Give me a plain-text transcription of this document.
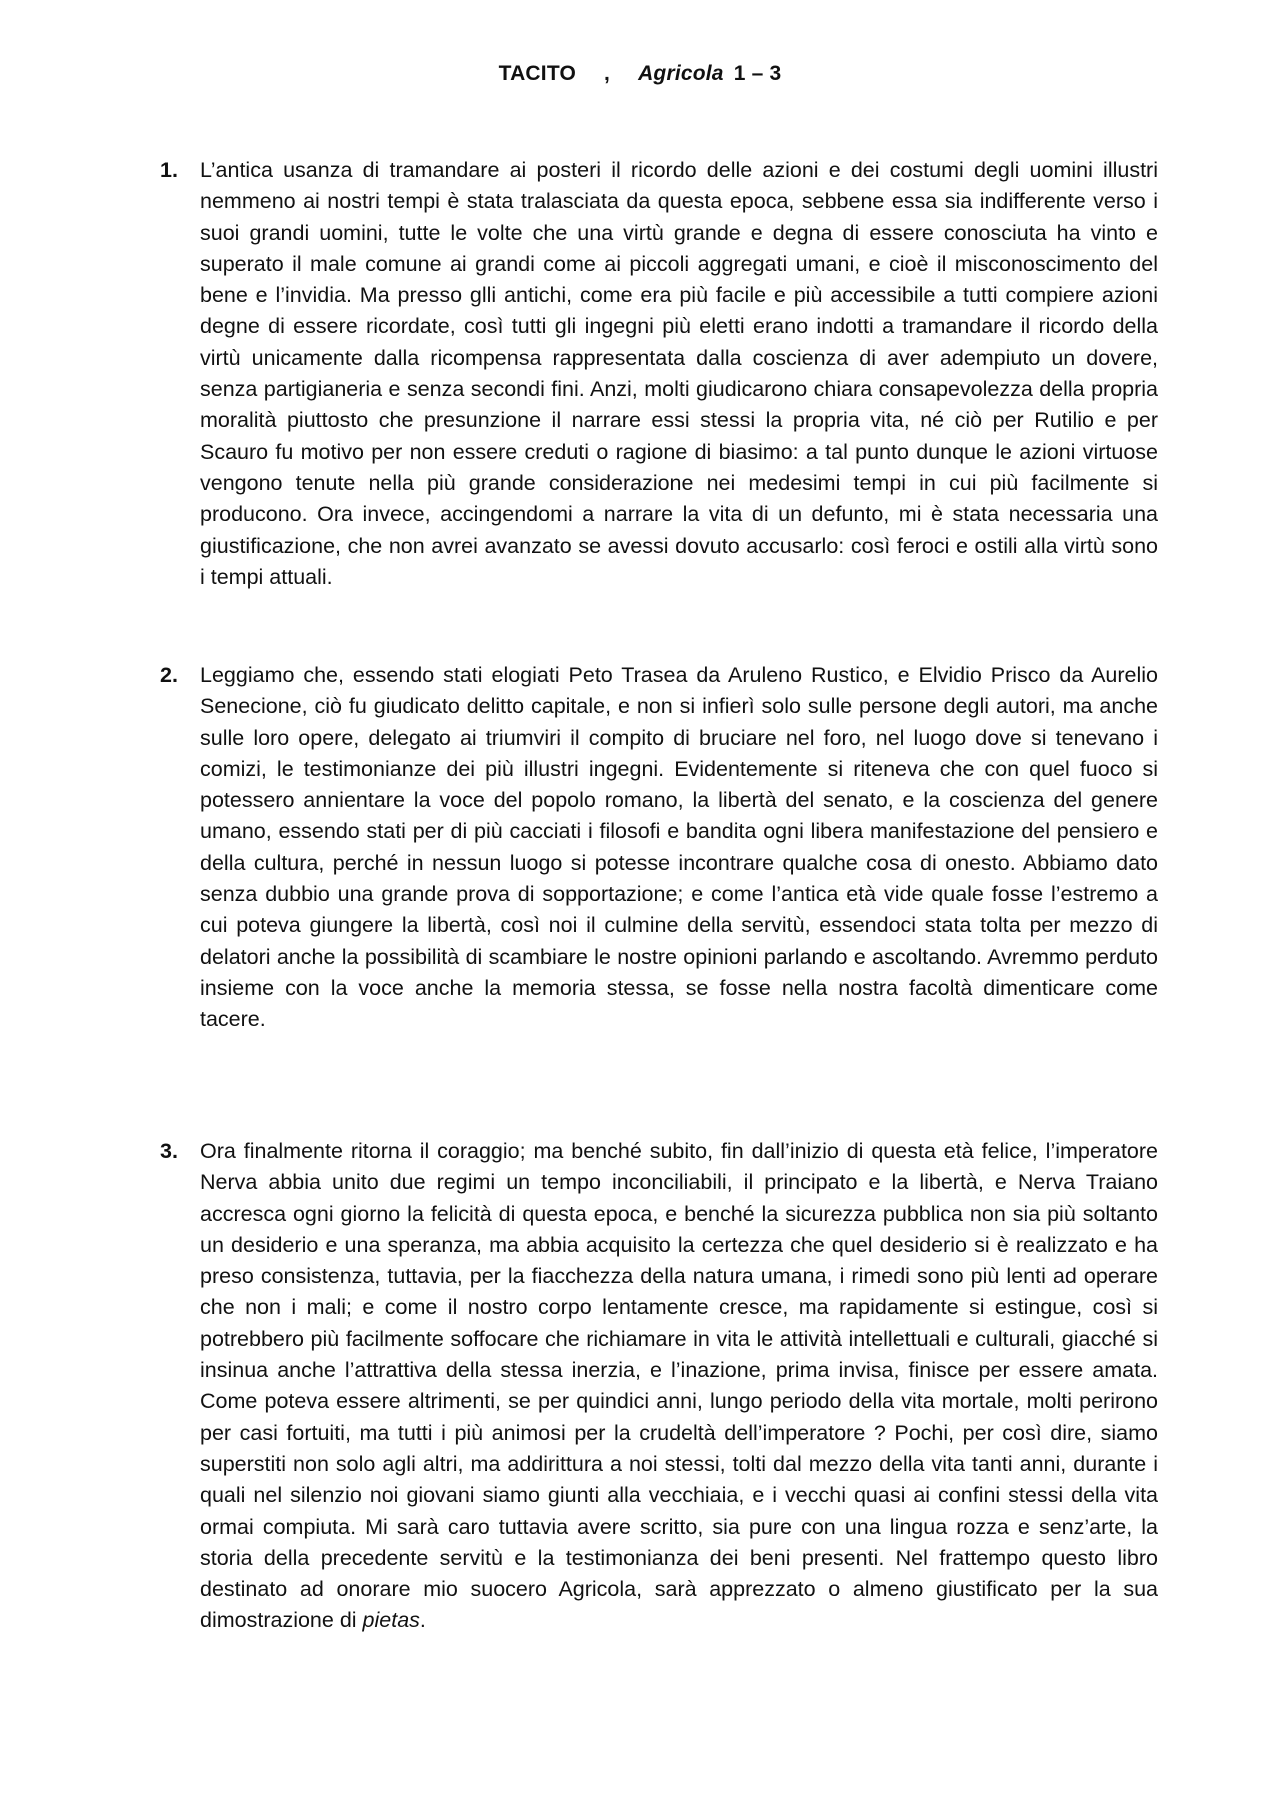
TACITO , Agricola 1 – 3
1.	L’antica usanza di tramandare ai posteri il ricordo delle azioni e dei costumi degli uomini illustri nemmeno ai nostri tempi è stata tralasciata da questa epoca, sebbene essa sia indifferente verso i suoi grandi uomini, tutte le volte che una virtù grande e degna di essere conosciuta ha vinto e superato il male comune ai grandi come ai piccoli aggregati umani, e cioè il misconoscimento del bene e l’invidia. Ma presso glli antichi, come era più facile e più accessibile a tutti compiere azioni degne di essere ricordate, così tutti gli ingegni più eletti erano indotti a tramandare il ricordo della virtù unicamente dalla ricompensa rappresentata dalla coscienza di aver adempiuto un dovere, senza partigianeria e senza secondi fini. Anzi, molti giudicarono chiara consapevolezza della propria moralità piuttosto che presunzione il narrare essi stessi la propria vita, né ciò per Rutilio e per Scauro fu motivo per non essere creduti o ragione di biasimo: a tal punto dunque le azioni virtuose vengono tenute nella più grande considerazione nei medesimi tempi in cui più facilmente si producono. Ora invece, accingendomi a narrare la vita di un defunto, mi è stata necessaria una giustificazione, che non avrei avanzato se avessi dovuto accusarlo: così feroci e ostili alla virtù sono i tempi attuali.

2.	Leggiamo che, essendo stati elogiati Peto Trasea da Aruleno Rustico, e Elvidio Prisco da Aurelio Senecione, ciò fu giudicato delitto capitale, e non si infierì solo sulle persone degli autori, ma anche sulle loro opere, delegato ai triumviri il compito di bruciare nel foro, nel luogo dove si tenevano i comizi, le testimonianze dei più illustri ingegni. Evidentemente si riteneva che con quel fuoco si potessero annientare la voce del popolo romano, la libertà del senato, e la coscienza del genere umano, essendo stati per di più cacciati i filosofi e bandita ogni libera manifestazione del pensiero e della cultura, perché in nessun luogo si potesse incontrare qualche cosa di onesto. Abbiamo dato senza dubbio una grande prova di sopportazione; e come l’antica età vide quale fosse l’estremo a cui poteva giungere la libertà, così noi il culmine della servitù, essendoci stata tolta per mezzo di delatori anche la possibilità di scambiare le nostre opinioni parlando e ascoltando. Avremmo perduto insieme con la voce anche la memoria stessa, se fosse nella nostra facoltà dimenticare come tacere.

3.	Ora finalmente ritorna il coraggio; ma benché subito, fin dall’inizio di questa età felice, l’imperatore Nerva abbia unito due regimi un tempo inconciliabili, il principato e la libertà, e Nerva Traiano accresca ogni giorno la felicità di questa epoca, e benché la sicurezza pubblica non sia più soltanto un desiderio e una speranza, ma abbia acquisito la certezza che quel desiderio si è realizzato e ha preso consistenza, tuttavia, per la fiacchezza della natura umana, i rimedi sono più lenti ad operare che non i mali; e come il nostro corpo lentamente cresce, ma rapidamente si estingue, così si potrebbero più facilmente soffocare che richiamare in vita le attività intellettuali e culturali, giacché si insinua anche l’attrattiva della stessa inerzia, e l’inazione, prima invisa, finisce per essere amata. Come poteva essere altrimenti, se per quindici anni, lungo periodo della vita mortale, molti perirono per casi fortuiti, ma tutti i più animosi per la crudeltà dell’imperatore ? Pochi, per così dire, siamo superstiti non solo agli altri, ma addirittura a noi stessi, tolti dal mezzo della vita tanti anni, durante i quali nel silenzio noi giovani siamo giunti alla vecchiaia, e i vecchi quasi ai confini stessi della vita ormai compiuta. Mi sarà caro tuttavia avere scritto, sia pure con una lingua rozza e senz’arte, la storia della precedente servitù e la testimonianza dei beni presenti. Nel frattempo questo libro destinato ad onorare mio suocero Agricola, sarà apprezzato o almeno giustificato per la sua dimostrazione di pietas.
